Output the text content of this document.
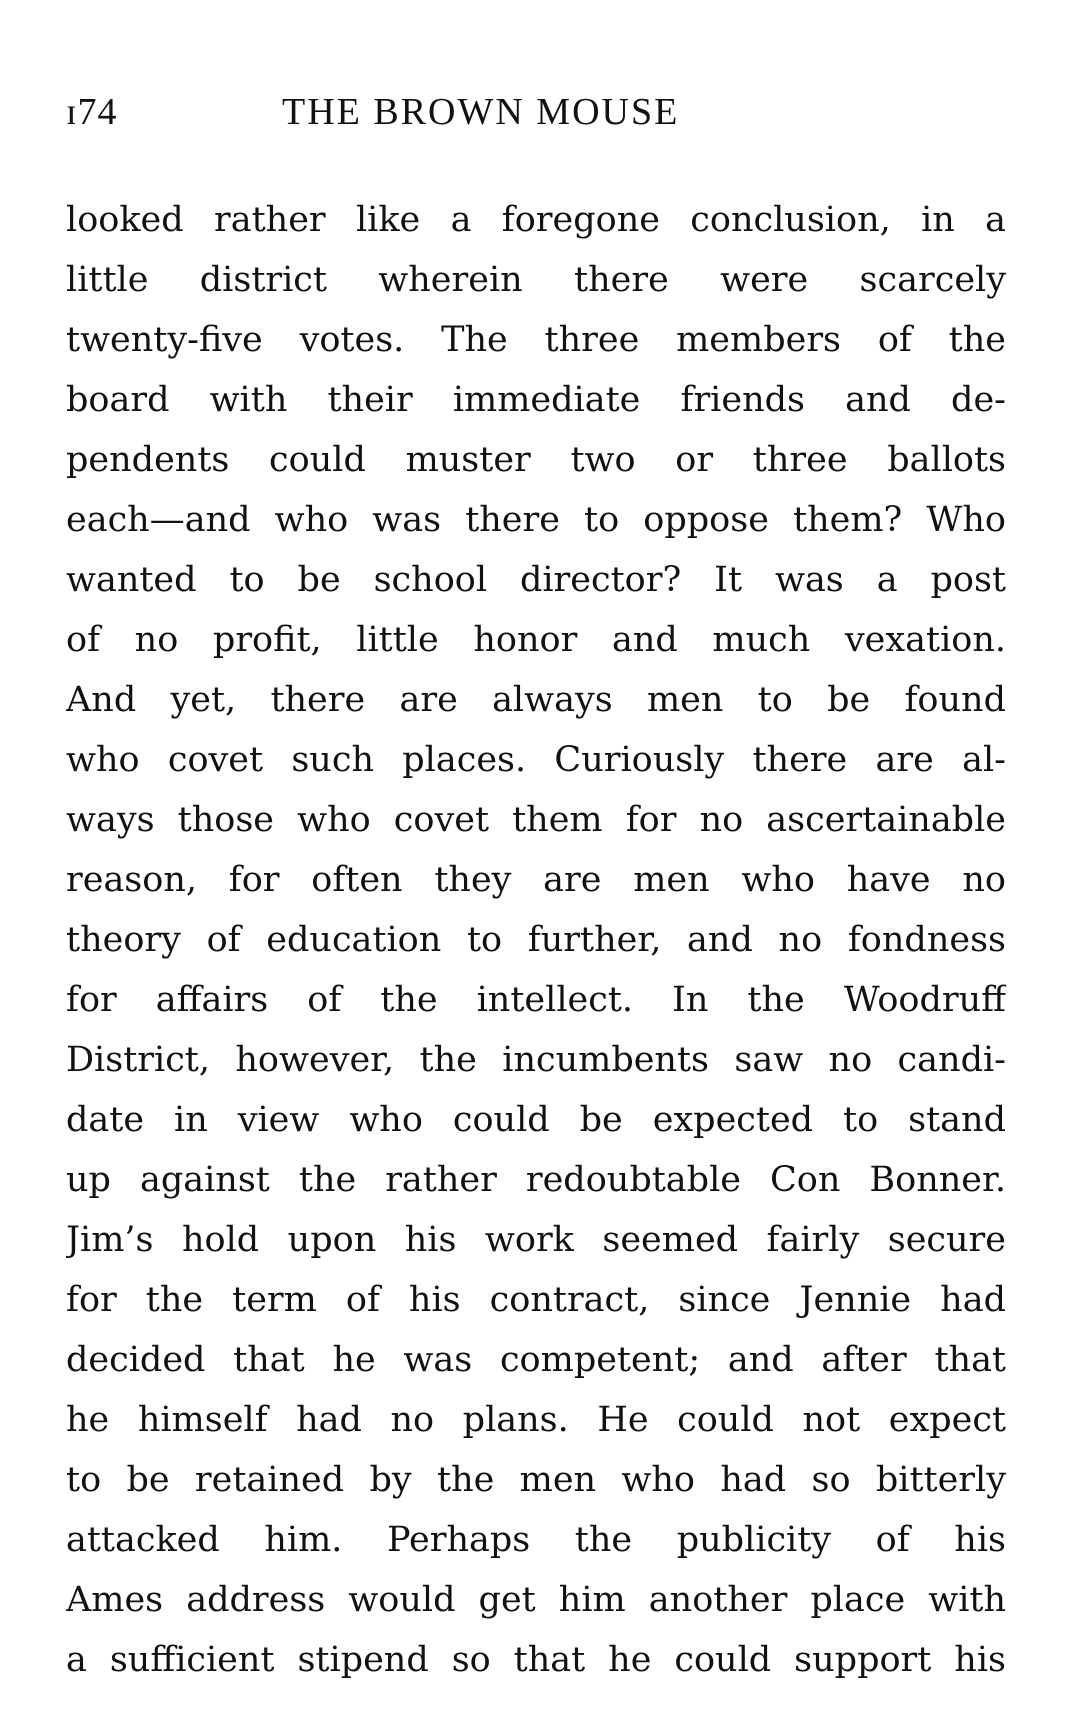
ɪ74	THE BROWN MOUSE
looked rather like a foregone conclusion, in a
little district wherein there were scarcely
twenty-five votes. The three members of the
board with their immediate friends and de-
pendents could muster two or three ballots
each—and who was there to oppose them? Who
wanted to be school director? It was a post
of no profit, little honor and much vexation.
And yet, there are always men to be found
who covet such places. Curiously there are al-
ways those who covet them for no ascertainable
reason, for often they are men who have no
theory of education to further, and no fondness
for affairs of the intellect. In the Woodruff
District, however, the incumbents saw no candi-
date in view who could be expected to stand
up against the rather redoubtable Con Bonner.
Jim’s hold upon his work seemed fairly secure
for the term of his contract, since Jennie had
decided that he was competent; and after that
he himself had no plans. He could not expect
to be retained by the men who had so bitterly
attacked him. Perhaps the publicity of his
Ames address would get him another place with
a sufficient stipend so that he could support his
